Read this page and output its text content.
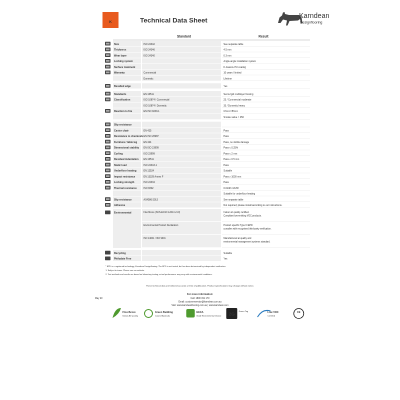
K Technical Data Sheet
Karndean
Designflooring
Size	ISO 24342	See separate table
Thickness ISO 24346	4.5 mm
Wear layer ISO 24340	0.3 mm
Locking system	Angle-angle installation system
Surface treatment	K-Guard+ PU coating
Warranty Commercial	10 years / limited
Domestic	Lifetime
Bevelled edge	Yes
Standards EN 16511	Semi-rigid multilayer flooring
Classification ISO 10874 / Commercial	23 / Commercial moderate
ISO 10874 / Domestic	33 / Domestic heavy
Reaction to fire EN ISO 9239-1	Cfl-s1 / Bfl-s1
Smoke value < 450
Slip resistance
Castor chair EN 425	Pass
Resistance to chemicals EN ISO 26987	Pass
Furniture / table leg EN 424	Pass, no visible damage
Dimensional stability EN ISO 23999	Pass ≤ 0.25%
Curling ISO 23999	Pass ≤ 2 mm
Residual indentation EN 16511	Pass ≤ 0.5 mm
Static load ISO 24343-1	Pass
Underfloor heating EN 12524	Suitable
Impact resistance EN 13329 Annex F	Pass ≥ 1000 mm
Locking strength ISO 24334	Pass
Thermal resistance ISO 8302	0.0148 m²K/W
Suitable for underfloor heating
Slip resistance AS4586-2013	See separate table
Adhesive	Not required; please install according to our instructions.
Environmental FloorScore (SCS-EC10.3-2014 v4.0)	Indoor air quality certified. Compliant low-emitting VOC products.
Environmental Product Declaration	Product specific Type III EPD complies with recognised third-party verification.
ISO 14001 / ISO 9001	Manufactured at quality and environmental management systems standard.
Recycling	Suitable
Phthalate Free	Yes
Standard	Result
* EPD is a registered technology, Karndean Designflooring. The EPD is not tested, but has been determined by independent verification.
1. Subject to terms. Please see our website.
2. Test methods and results are based on laboratory testing; actual performance may vary with environmental conditions.
These technical data are believed accurate at time of publication. Product specifications may change without notice.
For more information:
Call: 1800 331 170
Email: customerservice@karndean.com.au
Visit: www.karndeanflooring.com.au | www.karndean.com
May 20
FloorScore
Indoor Air Quality
Green Building
Council Australia
GECA
Good Environmental Choice 2G Green Tag Low VOC
Certified
CE
